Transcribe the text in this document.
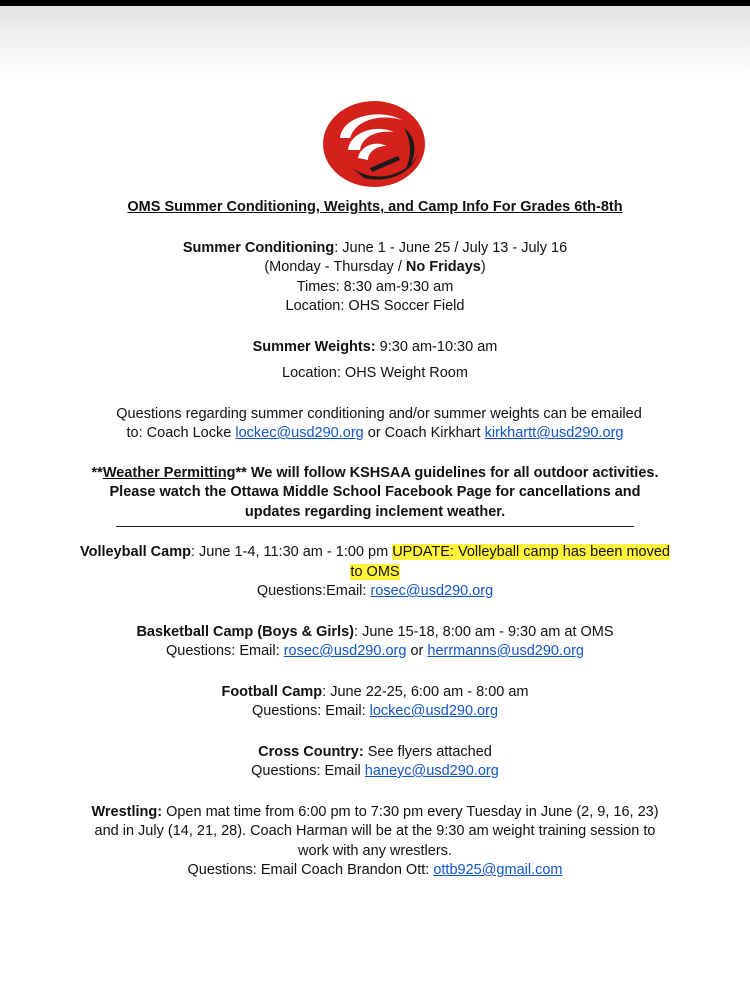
OMS Summer Conditioning, Weights, and Camp Info For Grades 6th-8th

Summer Conditioning: June 1 - June 25 / July 13 - July 16

(Monday - Thursday / No Fridays)

Times: 8:30 am-9:30 am

Location: OHS Soccer Field

Summer Weights: 9:30 am-10:30 am

Location: OHS Weight Room

Questions regarding summer conditioning and/or summer weights can be emailed

to: Coach Locke lockec@usd290.org or Coach Kirkhart kirkhartt@usd290.org

**Weather Permitting** We will follow KSHSAA guidelines for all outdoor activities.

Please watch the Ottawa Middle School Facebook Page for cancellations and

updates regarding inclement weather.

Volleyball Camp: June 1-4, 11:30 am - 1:00 pm UPDATE: Volleyball camp has been moved

to OMS

Questions:Email: rosec@usd290.org

Basketball Camp (Boys & Girls): June 15-18, 8:00 am - 9:30 am at OMS

Questions: Email: rosec@usd290.org or herrmanns@usd290.org

Football Camp: June 22-25, 6:00 am - 8:00 am

Questions: Email: lockec@usd290.org

Cross Country: See flyers attached

Questions: Email haneyc@usd290.org

Wrestling: Open mat time from 6:00 pm to 7:30 pm every Tuesday in June (2, 9, 16, 23)

and in July (14, 21, 28). Coach Harman will be at the 9:30 am weight training session to

work with any wrestlers.

Questions: Email Coach Brandon Ott: ottb925@gmail.com
